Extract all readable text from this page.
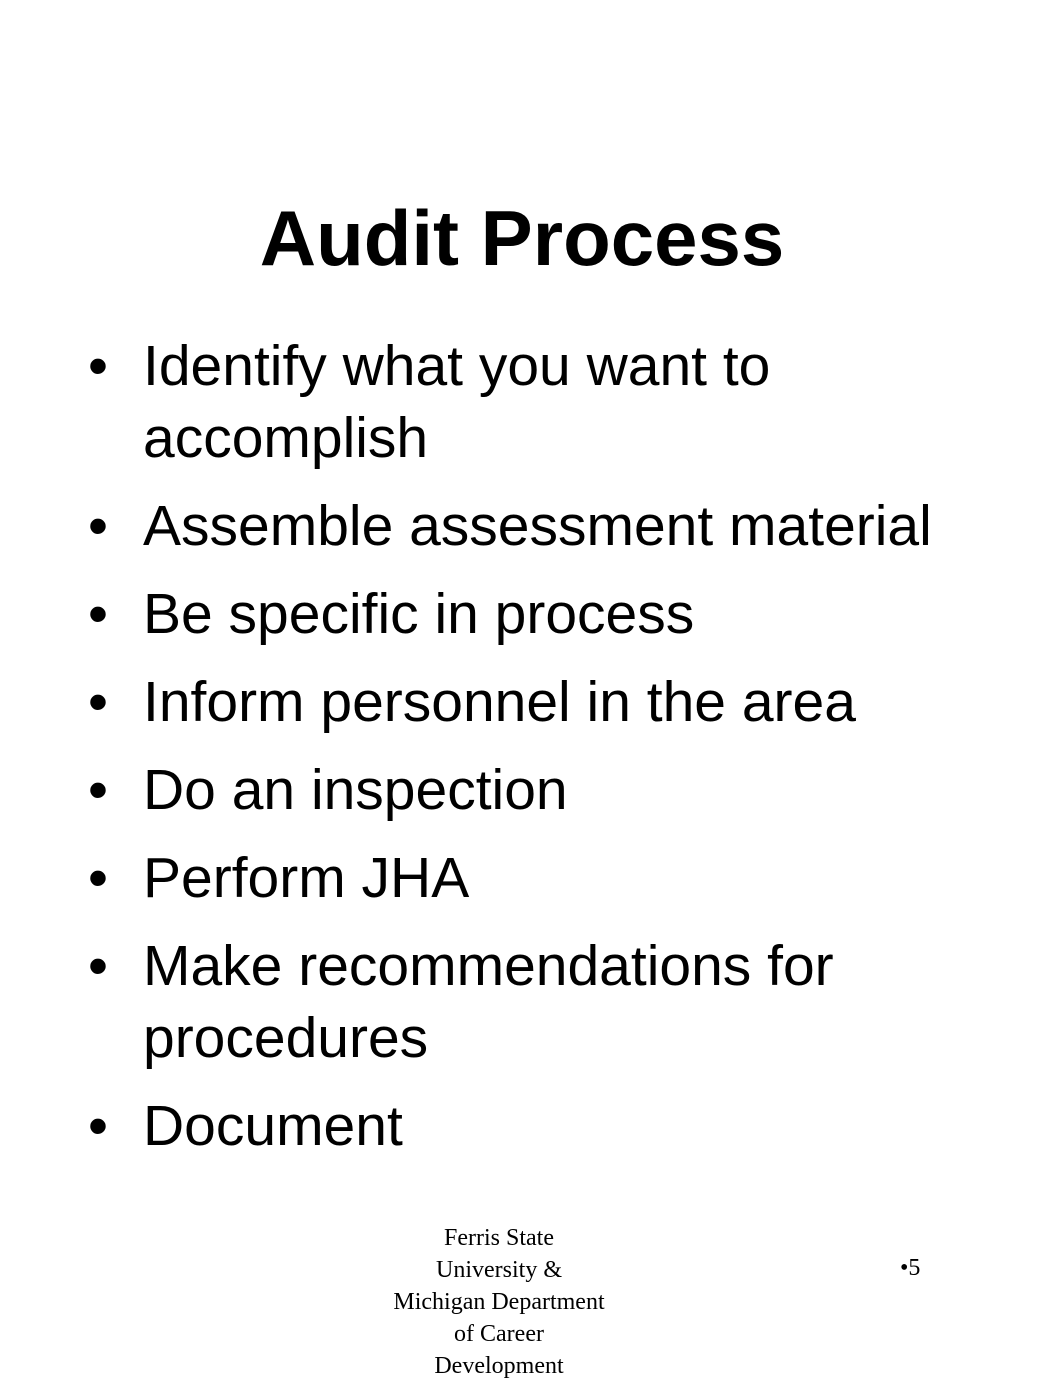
Audit Process
• Identify what you want to accomplish
• Assemble assessment material
• Be specific in process
• Inform personnel in the area
• Do an inspection
• Perform JHA
• Make recommendations for procedures
• Document
Ferris State
University &
Michigan Department
of Career
Development
•5
